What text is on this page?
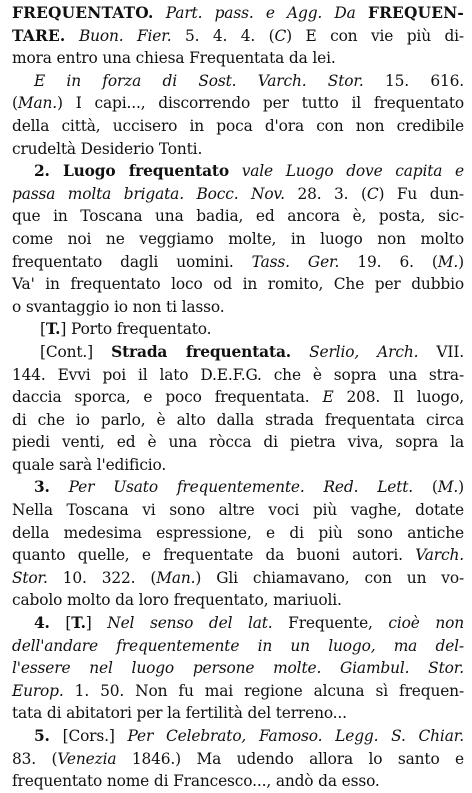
FREQUENTATO. Part. pass. e Agg. Da FREQUEN-
TARE. Buon. Fier. 5. 4. 4. (C) E con vie più di-
mora entro una chiesa Frequentata da lei.
E in forza di Sost. Varch. Stor. 15. 616.
(Man.) I capi..., discorrendo per tutto il frequentato
della città, uccisero in poca d'ora con non credibile
crudeltà Desiderio Tonti.
2. Luogo frequentato vale Luogo dove capita e
passa molta brigata. Bocc. Nov. 28. 3. (C) Fu dun-
que in Toscana una badia, ed ancora è, posta, sic-
come noi ne veggiamo molte, in luogo non molto
frequentato dagli uomini. Tass. Ger. 19. 6. (M.)
Va' in frequentato loco od in romito, Che per dubbio
o svantaggio io non ti lasso.
[T.] Porto frequentato.
[Cont.] Strada frequentata. Serlio, Arch. VII.
144. Evvi poi il lato D.E.F.G. che è sopra una stra-
daccia sporca, e poco frequentata. E 208. Il luogo,
di che io parlo, è alto dalla strada frequentata circa
piedi venti, ed è una ròcca di pietra viva, sopra la
quale sarà l'edificio.
3. Per Usato frequentemente. Red. Lett. (M.)
Nella Toscana vi sono altre voci più vaghe, dotate
della medesima espressione, e di più sono antiche
quanto quelle, e frequentate da buoni autori. Varch.
Stor. 10. 322. (Man.) Gli chiamavano, con un vo-
cabolo molto da loro frequentato, mariuoli.
4. [T.] Nel senso del lat. Frequente, cioè non
dell'andare frequentemente in un luogo, ma del-
l'essere nel luogo persone molte. Giambul. Stor.
Europ. 1. 50. Non fu mai regione alcuna sì frequen-
tata di abitatori per la fertilità del terreno...
5. [Cors.] Per Celebrato, Famoso. Legg. S. Chiar.
83. (Venezia 1846.) Ma udendo allora lo santo e
frequentato nome di Francesco..., andò da esso.
